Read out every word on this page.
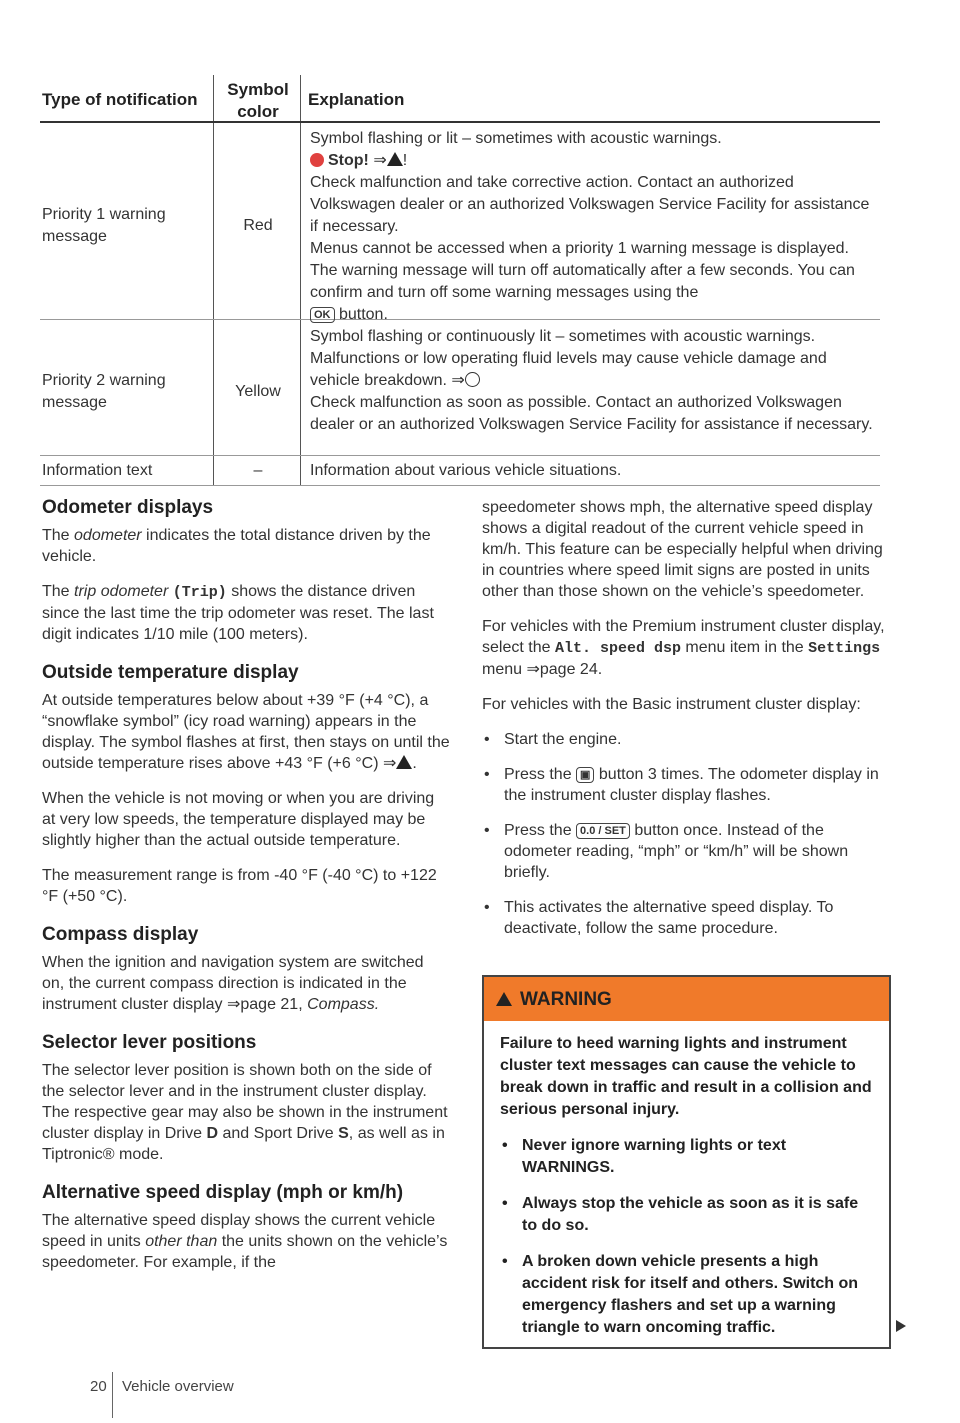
Type of notification
Symbol color
Explanation
Priority 1 warning message
Red

Symbol flashing or lit – sometimes with acoustic warnings.

Stop! ⇒ !

Check malfunction and take corrective action. Contact an authorized Volkswagen dealer or an authorized Volkswagen Service Facility for assistance if necessary.

Menus cannot be accessed when a priority 1 warning message is displayed. The warning message will turn off automatically after a few seconds. You can confirm and turn off some warning messages using the
OK button.

Priority 2 warning message
Yellow

Symbol flashing or continuously lit – sometimes with acoustic warnings. Malfunctions or low operating fluid levels may cause vehicle damage and vehicle breakdown. ⇒

Check malfunction as soon as possible. Contact an authorized Volkswagen dealer or an authorized Volkswagen Service Facility for assistance if necessary.

Information text	–	Information about various vehicle situations.
Odometer displays

The odometer indicates the total distance driven by the vehicle.

The trip odometer (Trip) shows the distance driven since the last time the trip odometer was reset. The last digit indicates 1/10 mile (100 meters).

Outside temperature display

At outside temperatures below about +39 °F (+4 °C), a “snowflake symbol” (icy road warning) appears in the display. The symbol flashes at first, then stays on until the outside temperature rises above +43 °F (+6 °C) ⇒ .

When the vehicle is not moving or when you are driving at very low speeds, the temperature displayed may be slightly higher than the actual outside temperature.

The measurement range is from -40 °F (-40 °C) to +122 °F (+50 °C).

Compass display

When the ignition and navigation system are switched on, the current compass direction is indicated in the instrument cluster display ⇒page 21, Compass.

Selector lever positions

The selector lever position is shown both on the side of the selector lever and in the instrument cluster display. The respective gear may also be shown in the instrument cluster display in Drive D and Sport Drive S, as well as in Tiptronic® mode.

Alternative speed display (mph or km/h)

The alternative speed display shows the current vehicle speed in units other than the units shown on the vehicle’s speedometer. For example, if the

speedometer shows mph, the alternative speed display shows a digital readout of the current vehicle speed in km/h. This feature can be especially helpful when driving in countries where speed limit signs are posted in units other than those shown on the vehicle’s speedometer.

For vehicles with the Premium instrument cluster display, select the Alt. speed dsp menu item in the Settings menu ⇒page 24.

For vehicles with the Basic instrument cluster display:

• Start the engine.

• Press the ▣ button 3 times. The odometer display in the instrument cluster display flashes.

• Press the 0.0 / SET button once. Instead of the odometer reading, “mph” or “km/h” will be shown briefly.

• This activates the alternative speed display. To deactivate, follow the same procedure.

WARNING

Failure to heed warning lights and instrument cluster text messages can cause the vehicle to break down in traffic and result in a collision and serious personal injury.

• Never ignore warning lights or text WARNINGS.

• Always stop the vehicle as soon as it is safe to do so.

• A broken down vehicle presents a high accident risk for itself and others. Switch on emergency flashers and set up a warning triangle to warn oncoming traffic.

20 Vehicle overview
